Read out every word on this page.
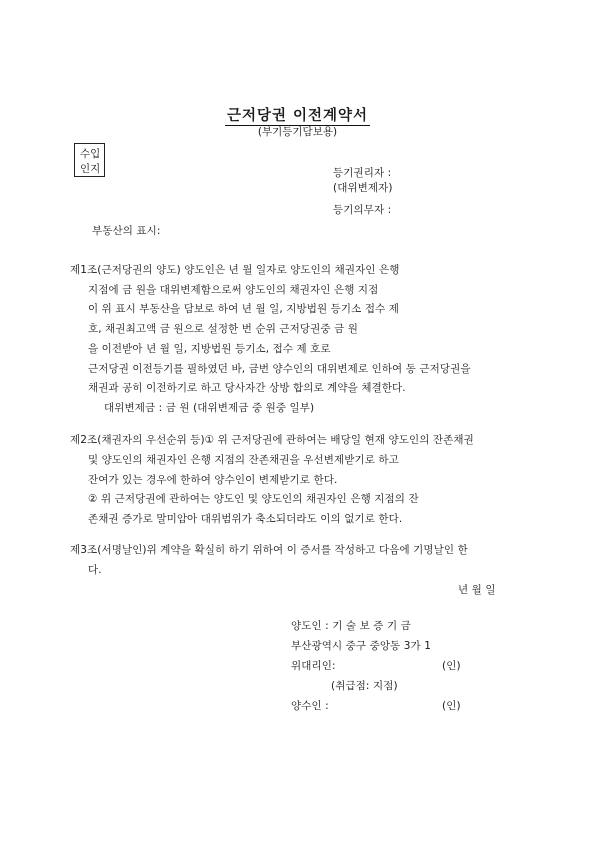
근저당권 이전계약서
(부기등기담보용)
수입
인지	등기권리자 :
(대위변제자)
등기의무자 :
부동산의 표시:
제1조(근저당권의 양도) 양도인은 년 월 일자로 양도인의 채권자인 은행
지점에 금 원을 대위변제함으로써 양도인의 채권자인 은행 지점
이 위 표시 부동산을 담보로 하여 년 월 일, 지방법원 등기소 접수 제
호, 채권최고액 금 원으로 설정한 번 순위 근저당권중 금 원
을 이전받아 년 월 일, 지방법원 등기소, 접수 제 호로
근저당권 이전등기를 필하였던 바, 금번 양수인의 대위변제로 인하여 동 근저당권을
채권과 공히 이전하기로 하고 당사자간 상방 합의로 계약을 체결한다.
대위변제금 : 금 원 (대위변제금 중 원중 일부)
제2조(채권자의 우선순위 등)① 위 근저당권에 관하여는 배당일 현재 양도인의 잔존채권
및 양도인의 채권자인 은행 지점의 잔존채권을 우선변제받기로 하고
잔여가 있는 경우에 한하여 양수인이 변제받기로 한다.
② 위 근저당권에 관하여는 양도인 및 양도인의 채권자인 은행 지점의 잔
존채권 증가로 말미암아 대위범위가 축소되더라도 이의 없기로 한다.
제3조(서명날인)위 계약을 확실히 하기 위하여 이 증서를 작성하고 다음에 기명날인 한
다.
년 월 일
양도인 : 기 술 보 증 기 금
부산광역시 중구 중앙동 3가 1
위대리인:	(인)
(취급점: 지점)
양수인 :	(인)
